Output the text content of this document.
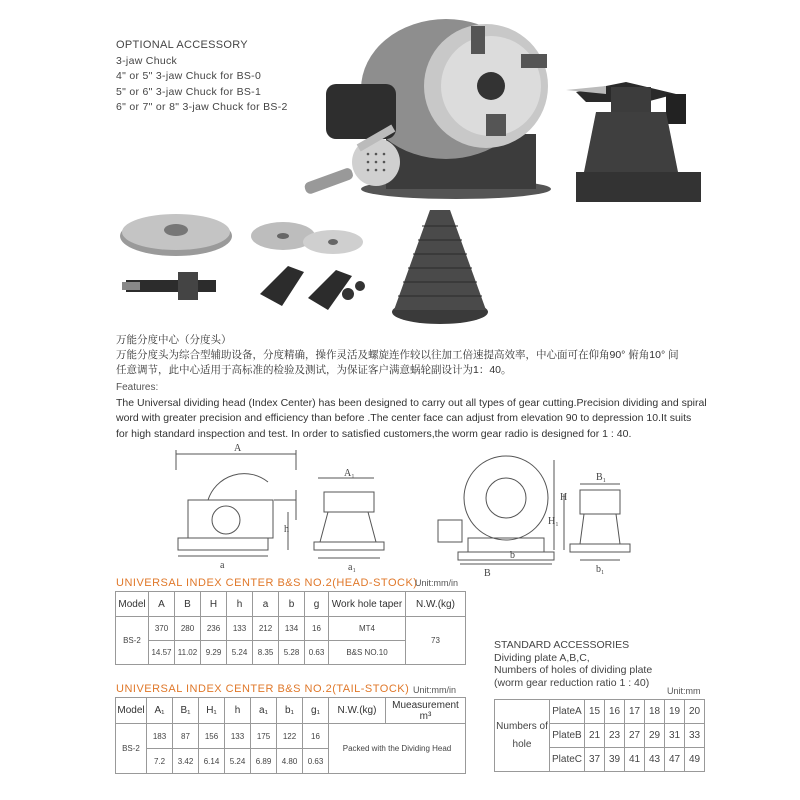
OPTIONAL ACCESSORY
3-jaw Chuck
4" or 5" 3-jaw Chuck for BS-0
5" or 6" 3-jaw Chuck for BS-1
6" or 7" or 8" 3-jaw Chuck for BS-2
万能分度中心（分度头）
万能分度头为综合型辅助设备，分度精确，操作灵活及螺旋连作较以往加工倍速提高效率，中心面可在仰角90° 俯角10° 间
任意调节，此中心适用于高标准的检验及测试，为保证客户满意蜗轮副设计为1：40。

Features:

The Universal dividing head (Index Center) has been designed to carry out all types of gear cutting.Precision dividing and spiral

word with greater precision and efficiency than before .The center face can adjust from elevation 90 to depression 10.It suits

for high standard inspection and test. In order to satisfied customers,the worm gear radio is designed for 1 : 40.

A
h
a
A₁
a₁
H
B
b
B₁
H₁
b₁
UNIVERSAL INDEX CENTER B&S NO.2(HEAD-STOCK)
Unit:mm/in
Model	A	B	H	h	a	b	g	Work hole taper	N.W.(kg)
BS-2	370	280	236	133	212	134	16	MT4	73
	14.57	11.02	9.29	5.24	8.35	5.28	0.63	B&S NO.10	
UNIVERSAL INDEX CENTER B&S NO.2(TAIL-STOCK) Unit:mm/in
Model	A₁	B₁	H₁	h	a₁	b₁	g₁	N.W.(kg)	Mueasurement m³
BS-2	183	87	156	133	175	122	16	Packed with the Dividing Head	
	7.2	3.42	6.14	5.24	6.89	4.80	0.63		
STANDARD ACCESSORIES
Dividing plate A,B,C,
Numbers of holes of dividing plate
(worm gear reduction ratio 1 : 40)
Unit:mm
Numbers of
hole	PlateA	15	16	17	18	19	20
	PlateB	21	23	27	29	31	33
	PlateC	37	39	41	43	47	49
